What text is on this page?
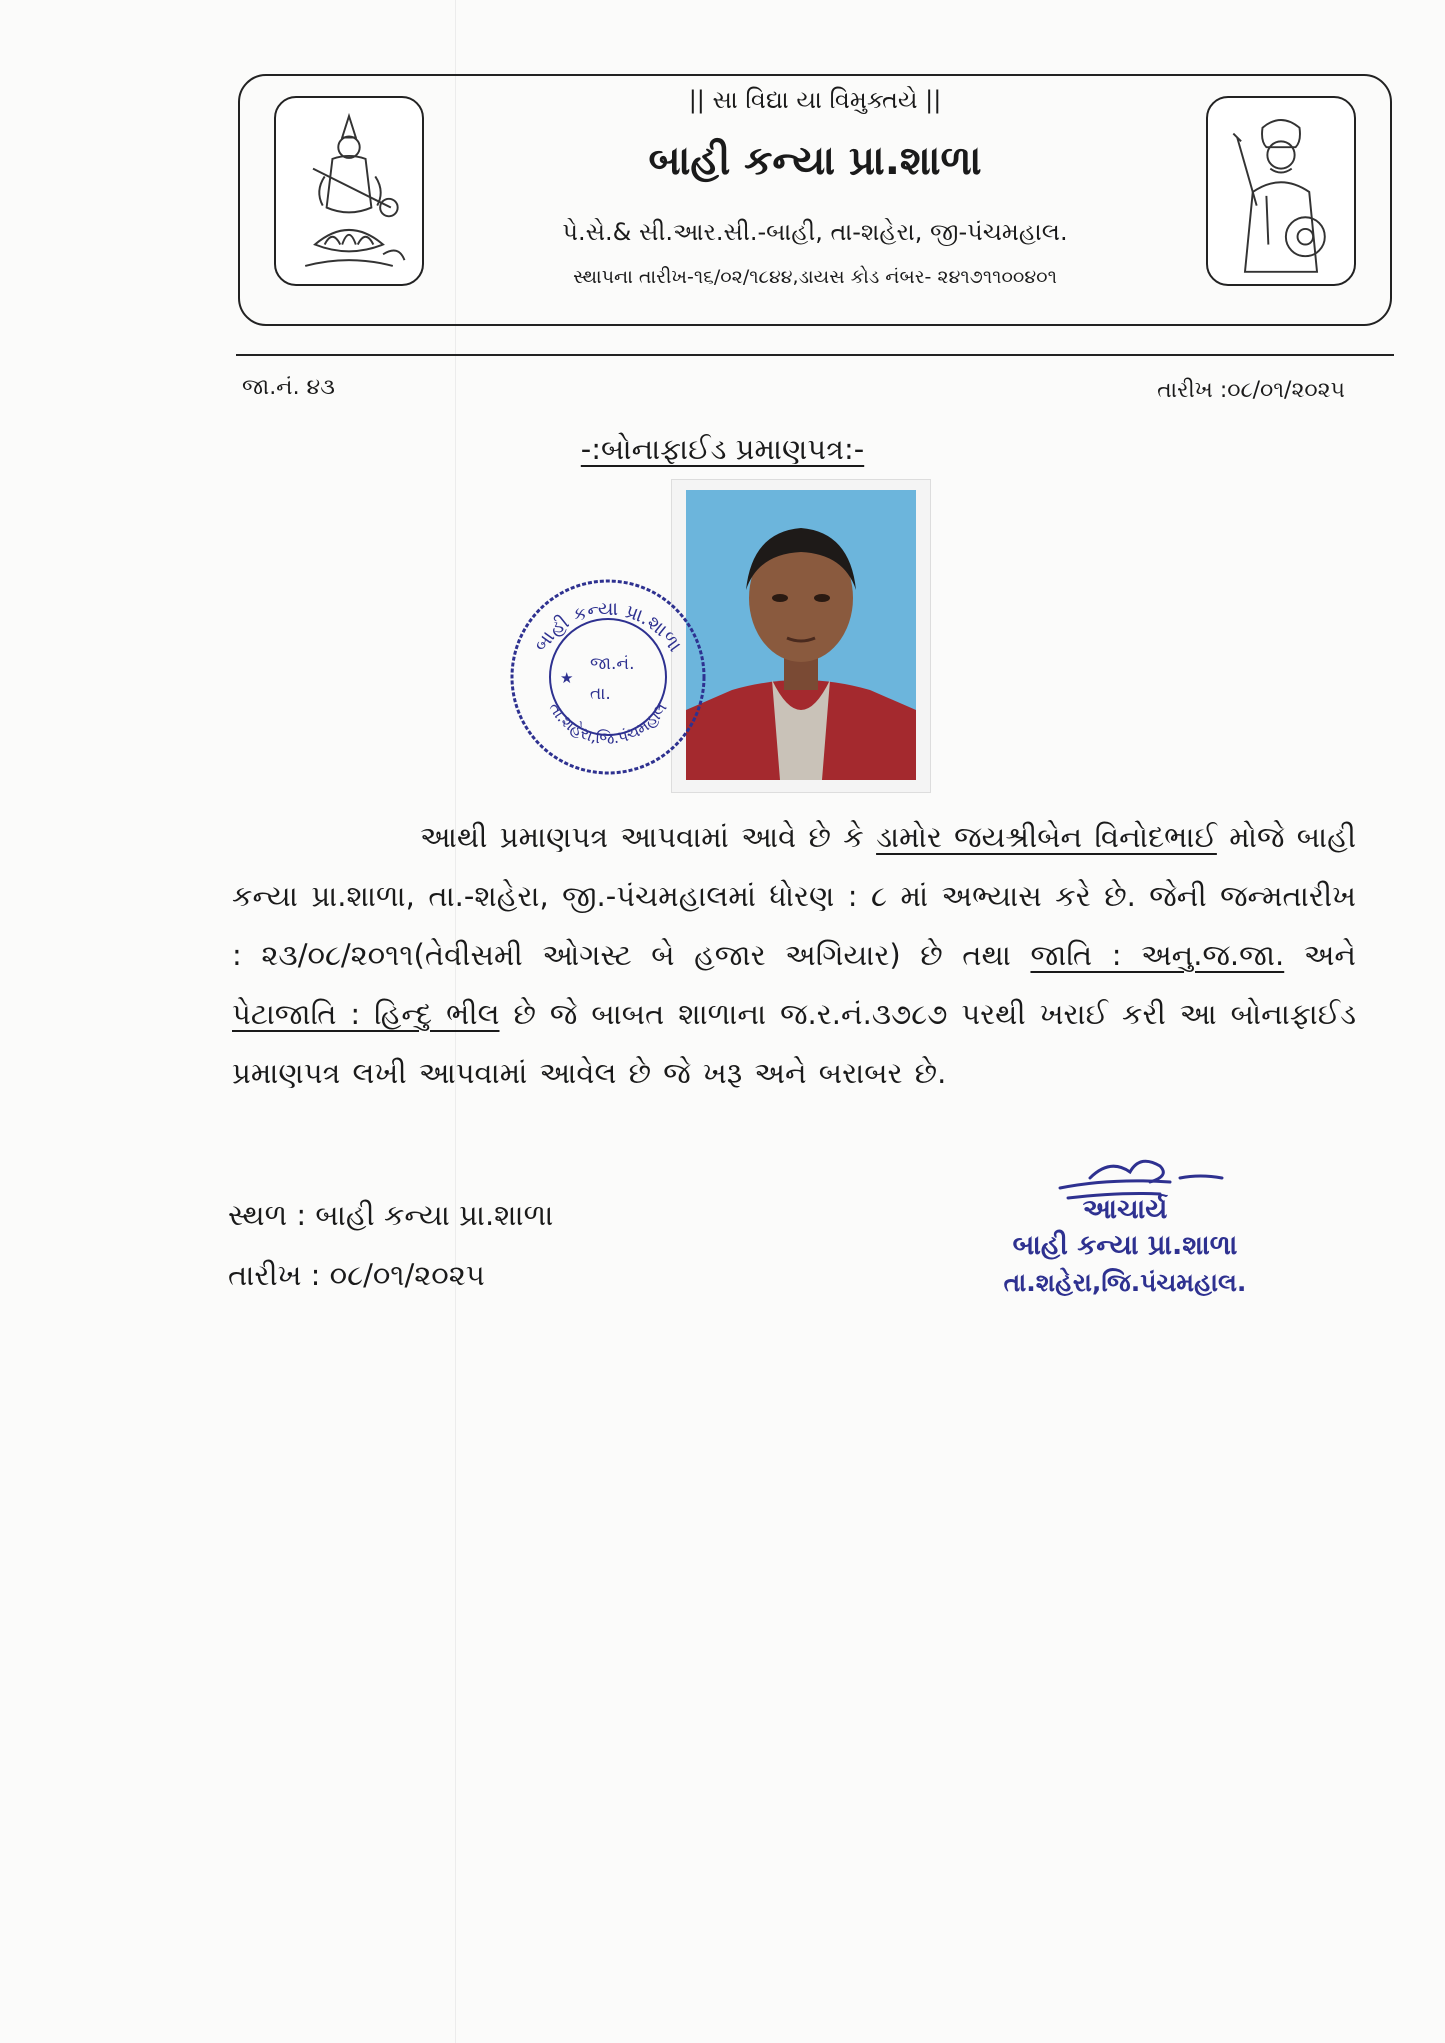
|| સા વિદ્યા યા વિમુક્તયે ||
બાહી કન્યા પ્રા.શાળા
પે.સે.& સી.આર.સી.-બાહી, તા-શહેરા, જી-પંચમહાલ.
સ્થાપના તારીખ-૧૬/૦૨/૧૮૪૪,ડાયસ કોડ નંબર- ૨૪૧૭૧૧૦૦૪૦૧
જા.નં. ૪૩	તારીખ :૦૮/૦૧/૨૦૨૫
-:બોનાફાઈડ પ્રમાણપત્ર:-
બાહી કન્યા પ્રા.શાળા
તા.શહેરા,જિ.પંચમહાલ
★
જા.નં.
તા.
આથી પ્રમાણપત્ર આપવામાં આવે છે કે ડામોર જયશ્રીબેન વિનોદભાઈ મોજે બાહી કન્યા પ્રા.શાળા, તા.-શહેરા, જી.-પંચમહાલમાં ધોરણ : ૮ માં અભ્યાસ કરે છે. જેની જન્મતારીખ : ૨૩/૦૮/૨૦૧૧(તેવીસમી ઓગસ્ટ બે હજાર અગિયાર) છે તથા જાતિ : અનુ.જ.જા. અને પેટાજાતિ : હિન્દુ ભીલ છે જે બાબત શાળાના જ.ર.નં.૩૭૮૭ પરથી ખરાઈ કરી આ બોનાફાઈડ પ્રમાણપત્ર લખી આપવામાં આવેલ છે જે ખરૂ અને બરાબર છે.
સ્થળ : બાહી કન્યા પ્રા.શાળા
તારીખ : ૦૮/૦૧/૨૦૨૫
આચાર્ય
બાહી કન્યા પ્રા.શાળા
તા.શહેરા,જિ.પંચમહાલ.
